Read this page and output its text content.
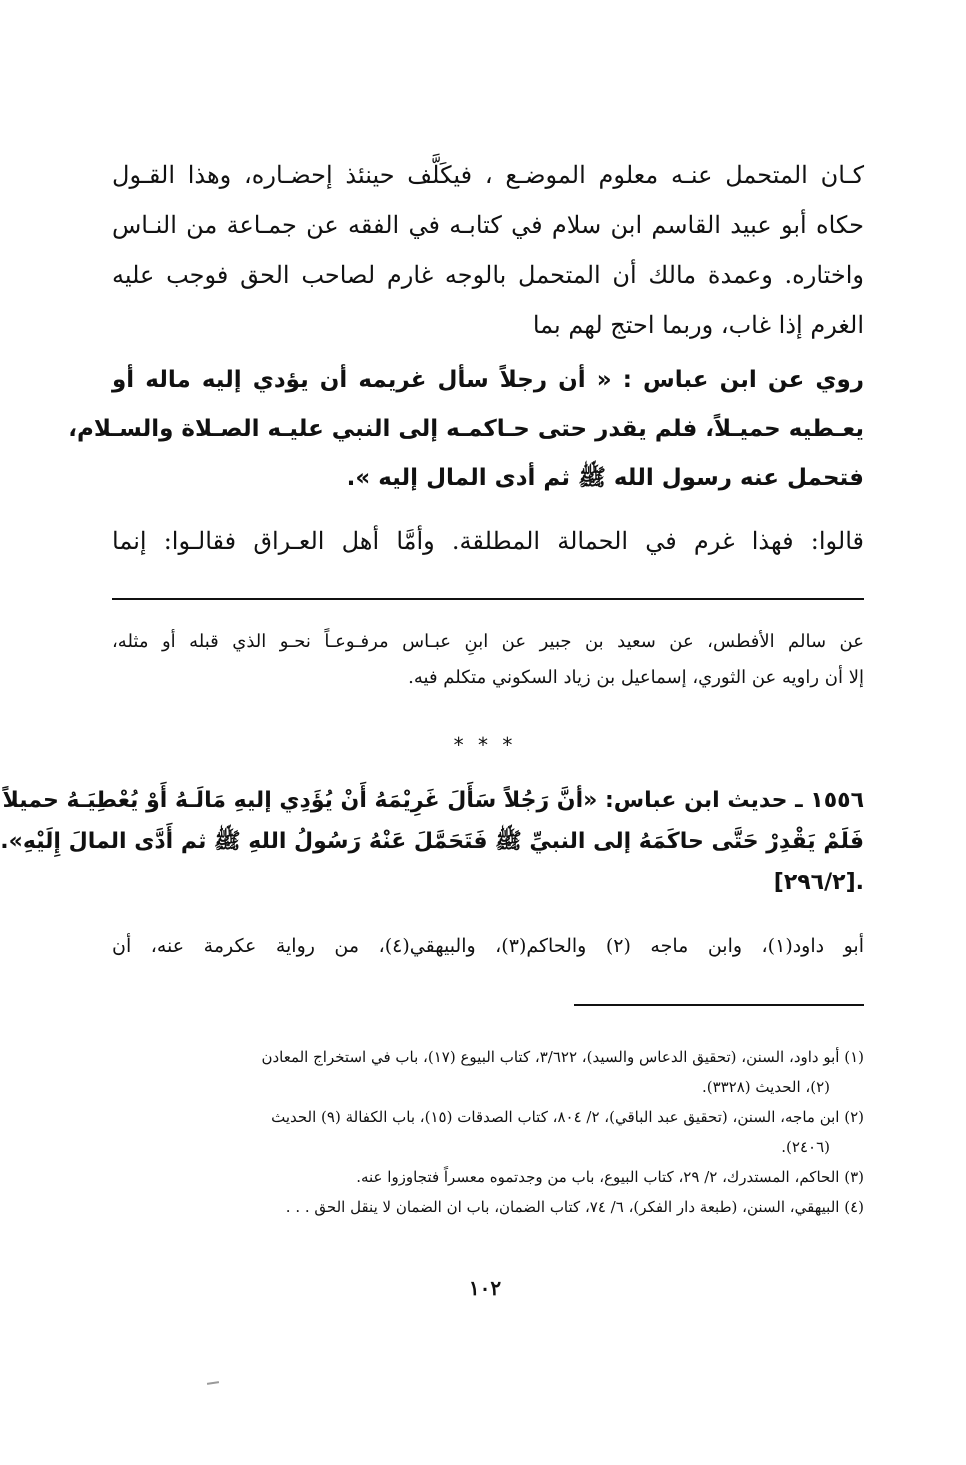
كـان المتحمل عنـه معلوم الموضـع ، فيكَلَّف حينئذ إحضـاره، وهذا القـول
حكاه أبو عبيد القاسم ابن سلام في كتابـه في الفقه عن جمـاعة من النـاس
واختاره. وعمدة مالك أن المتحمل بالوجه غارم لصاحب الحق فوجب عليه
الغرم إذا غاب، وربما احتج لهم بما
روي عن ابن عباس : « أن رجلاً سأل غريمه أن يؤدي إليه ماله أو
يعـطيه حميـلاً، فلم يقدر حتى حـاكمـه إلى النبي عليـه الصـلاة والسـلام،
فتحمل عنه رسول الله ﷺ ثم أدى المال إليه ».
قالوا: فهذا غرم في الحمالة المطلقة. وأمَّا أهل العـراق فقالـوا: إنما
عن سالم الأفطس، عن سعيد بن جبير عن ابنِ عبـاس مرفـوعـاً نحـو الذي قبله أو مثله،
إلا أن راويه عن الثوري، إسماعيل بن زياد السكوني متكلم فيه.
* * *
١٥٥٦ ـ حديث ابن عباس: «أنَّ رَجُلاً سَأَلَ غَرِيْمَهُ أَنْ يُؤَدِي إليهِ مَالَـهُ أَوْ يُعْطِيَـهُ حميلاً
فَلَمْ يَقْدِرْ حَتَّى حاكَمَهُ إلى النبيِّ ﷺ فَتَحَمَّلَ عَنْهُ رَسُولُ اللهِ ﷺ ثم أَدَّى المالَ إِلَيْهِ».
.[٢٩٦/٢]
أبو داود(١)، وابن ماجه (٢) والحاكم(٣)، والبيهقي(٤)، من رواية عكرمة عنه، أن
(١) أبو داود، السنن، (تحقيق الدعاس والسيد)، ٣/٦٢٢، كتاب البيوع (١٧)، باب في استخراج المعادن
(٢)، الحديث (٣٣٢٨).
(٢) ابن ماجه، السنن، (تحقيق عبد الباقي)، ٢/ ٨٠٤، كتاب الصدقات (١٥)، باب الكفالة (٩) الحديث
(٢٤٠٦).
(٣) الحاكم، المستدرك، ٢/ ٢٩، كتاب البيوع، باب من وجدتموه معسراً فتجاوزوا عنه.
(٤) البيهقي، السنن، (طبعة دار الفكر)، ٦/ ٧٤، كتاب الضمان، باب ان الضمان لا ينقل الحق . . .
١٠٢
